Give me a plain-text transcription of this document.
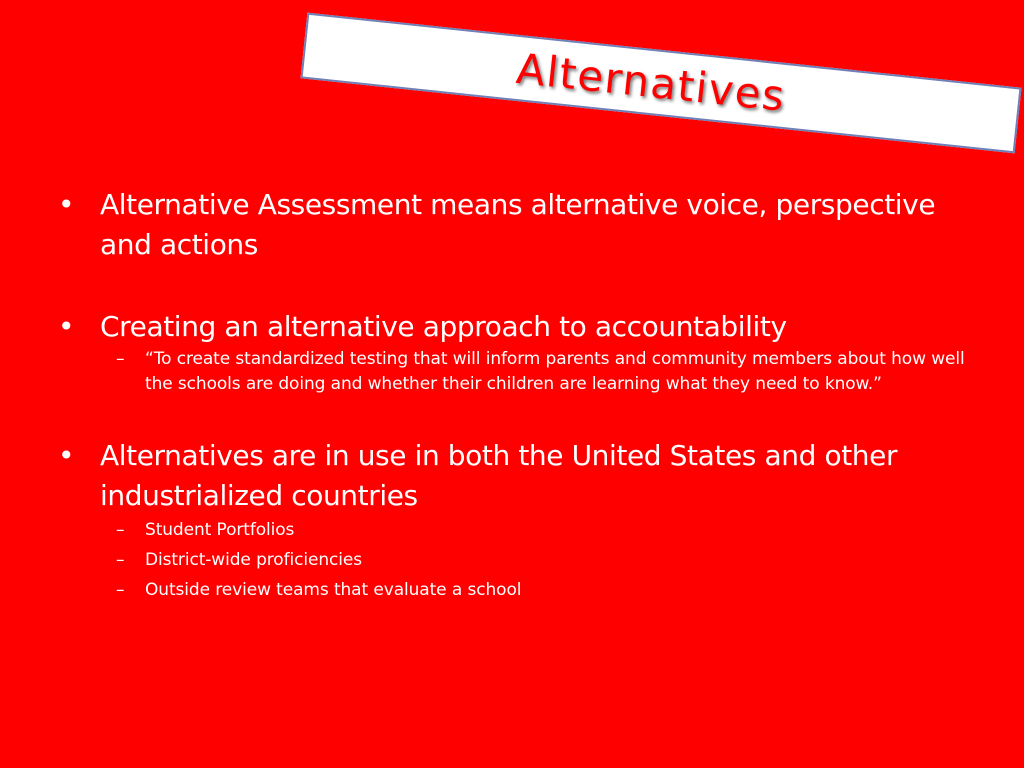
Alternatives
• Alternative Assessment means alternative voice, perspective and actions
• Creating an alternative approach to accountability
– “To create standardized testing that will inform parents and community members about how well the schools are doing and whether their children are learning what they need to know.”
• Alternatives are in use in both the United States and other industrialized countries
– Student Portfolios
– District-wide proficiencies
– Outside review teams that evaluate a school
